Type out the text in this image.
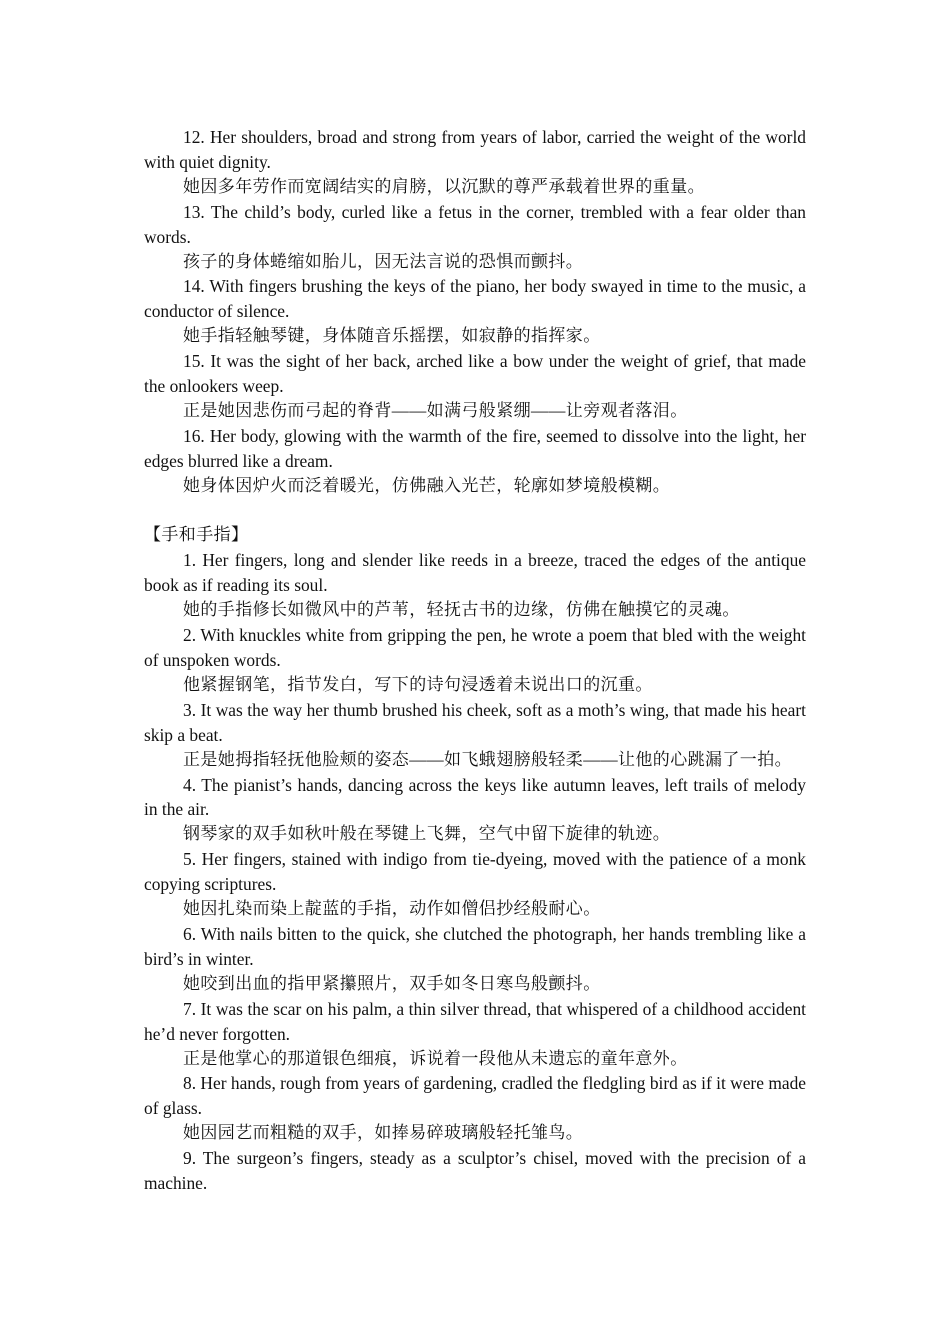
12. Her shoulders, broad and strong from years of labor, carried the weight of the world with quiet dignity.

她因多年劳作而宽阔结实的肩膀，以沉默的尊严承载着世界的重量。

13. The child’s body, curled like a fetus in the corner, trembled with a fear older than words.

孩子的身体蜷缩如胎儿，因无法言说的恐惧而颤抖。

14. With fingers brushing the keys of the piano, her body swayed in time to the music, a conductor of silence.

她手指轻触琴键，身体随音乐摇摆，如寂静的指挥家。

15. It was the sight of her back, arched like a bow under the weight of grief, that made the onlookers weep.

正是她因悲伤而弓起的脊背——如满弓般紧绷——让旁观者落泪。

16. Her body, glowing with the warmth of the fire, seemed to dissolve into the light, her edges blurred like a dream.

她身体因炉火而泛着暖光，仿佛融入光芒，轮廓如梦境般模糊。

【手和手指】

1. Her fingers, long and slender like reeds in a breeze, traced the edges of the antique book as if reading its soul.

她的手指修长如微风中的芦苇，轻抚古书的边缘，仿佛在触摸它的灵魂。

2. With knuckles white from gripping the pen, he wrote a poem that bled with the weight of unspoken words.

他紧握钢笔，指节发白，写下的诗句浸透着未说出口的沉重。

3. It was the way her thumb brushed his cheek, soft as a moth’s wing, that made his heart skip a beat.

正是她拇指轻抚他脸颊的姿态——如飞蛾翅膀般轻柔——让他的心跳漏了一拍。

4. The pianist’s hands, dancing across the keys like autumn leaves, left trails of melody in the air.

钢琴家的双手如秋叶般在琴键上飞舞，空气中留下旋律的轨迹。

5. Her fingers, stained with indigo from tie-dyeing, moved with the patience of a monk copying scriptures.

她因扎染而染上靛蓝的手指，动作如僧侣抄经般耐心。

6. With nails bitten to the quick, she clutched the photograph, her hands trembling like a bird’s in winter.

她咬到出血的指甲紧攥照片，双手如冬日寒鸟般颤抖。

7. It was the scar on his palm, a thin silver thread, that whispered of a childhood accident he’d never forgotten.

正是他掌心的那道银色细痕，诉说着一段他从未遗忘的童年意外。

8. Her hands, rough from years of gardening, cradled the fledgling bird as if it were made of glass.

她因园艺而粗糙的双手，如捧易碎玻璃般轻托雏鸟。

9. The surgeon’s fingers, steady as a sculptor’s chisel, moved with the precision of a machine.
